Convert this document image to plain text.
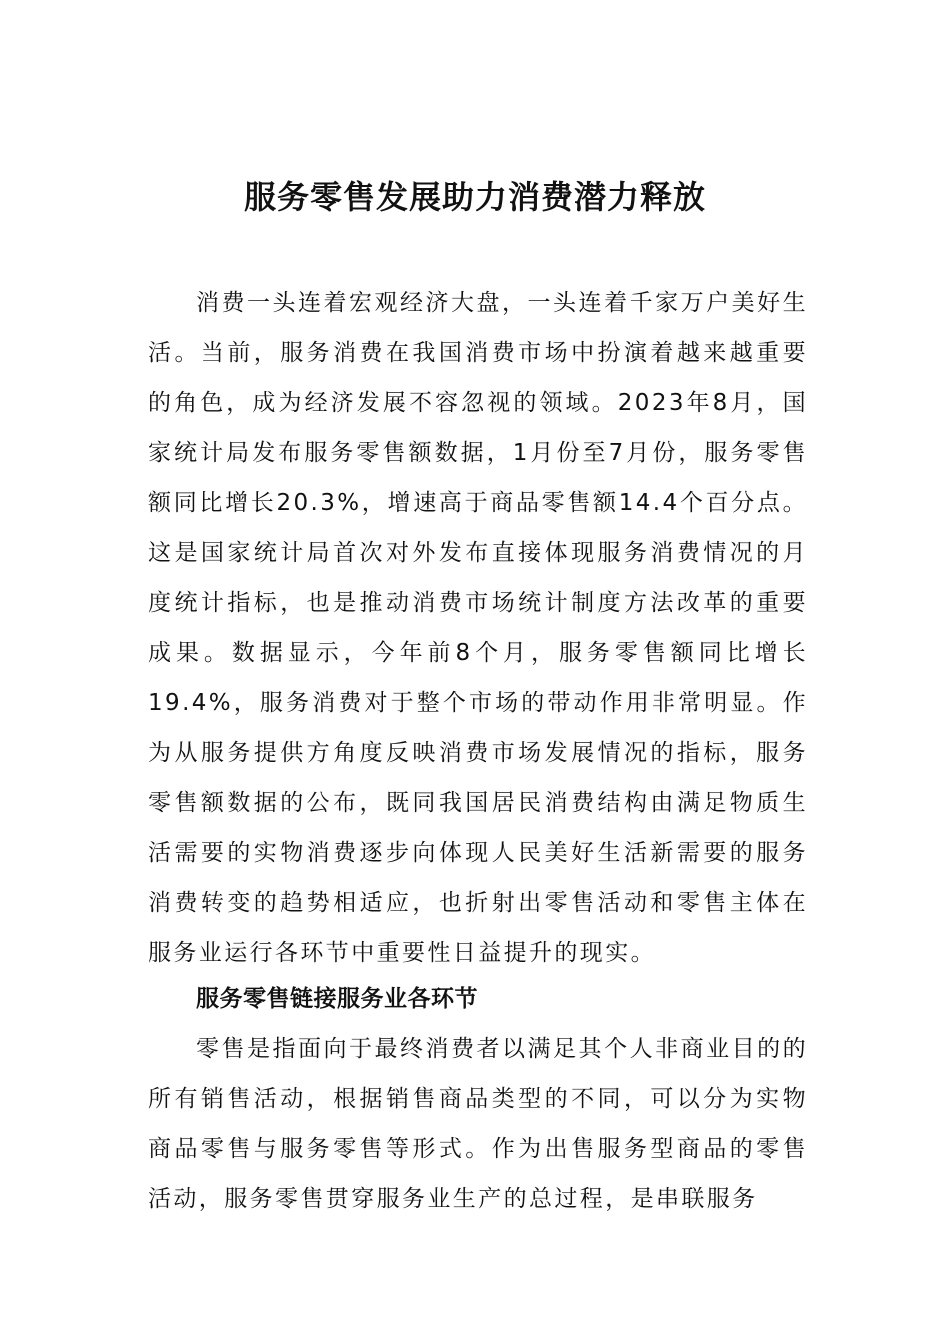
服务零售发展助力消费潜力释放

消费一头连着宏观经济大盘，一头连着千家万户美好生活。当前，服务消费在我国消费市场中扮演着越来越重要的角色，成为经济发展不容忽视的领域。2023年8月，国家统计局发布服务零售额数据，1月份至7月份，服务零售额同比增长20.3%，增速高于商品零售额14.4个百分点。这是国家统计局首次对外发布直接体现服务消费情况的月度统计指标，也是推动消费市场统计制度方法改革的重要成果。数据显示，今年前8个月，服务零售额同比增长19.4%，服务消费对于整个市场的带动作用非常明显。作为从服务提供方角度反映消费市场发展情况的指标，服务零售额数据的公布，既同我国居民消费结构由满足物质生活需要的实物消费逐步向体现人民美好生活新需要的服务消费转变的趋势相适应，也折射出零售活动和零售主体在服务业运行各环节中重要性日益提升的现实。

服务零售链接服务业各环节

零售是指面向于最终消费者以满足其个人非商业目的的所有销售活动，根据销售商品类型的不同，可以分为实物商品零售与服务零售等形式。作为出售服务型商品的零售活动，服务零售贯穿服务业生产的总过程，是串联服务
